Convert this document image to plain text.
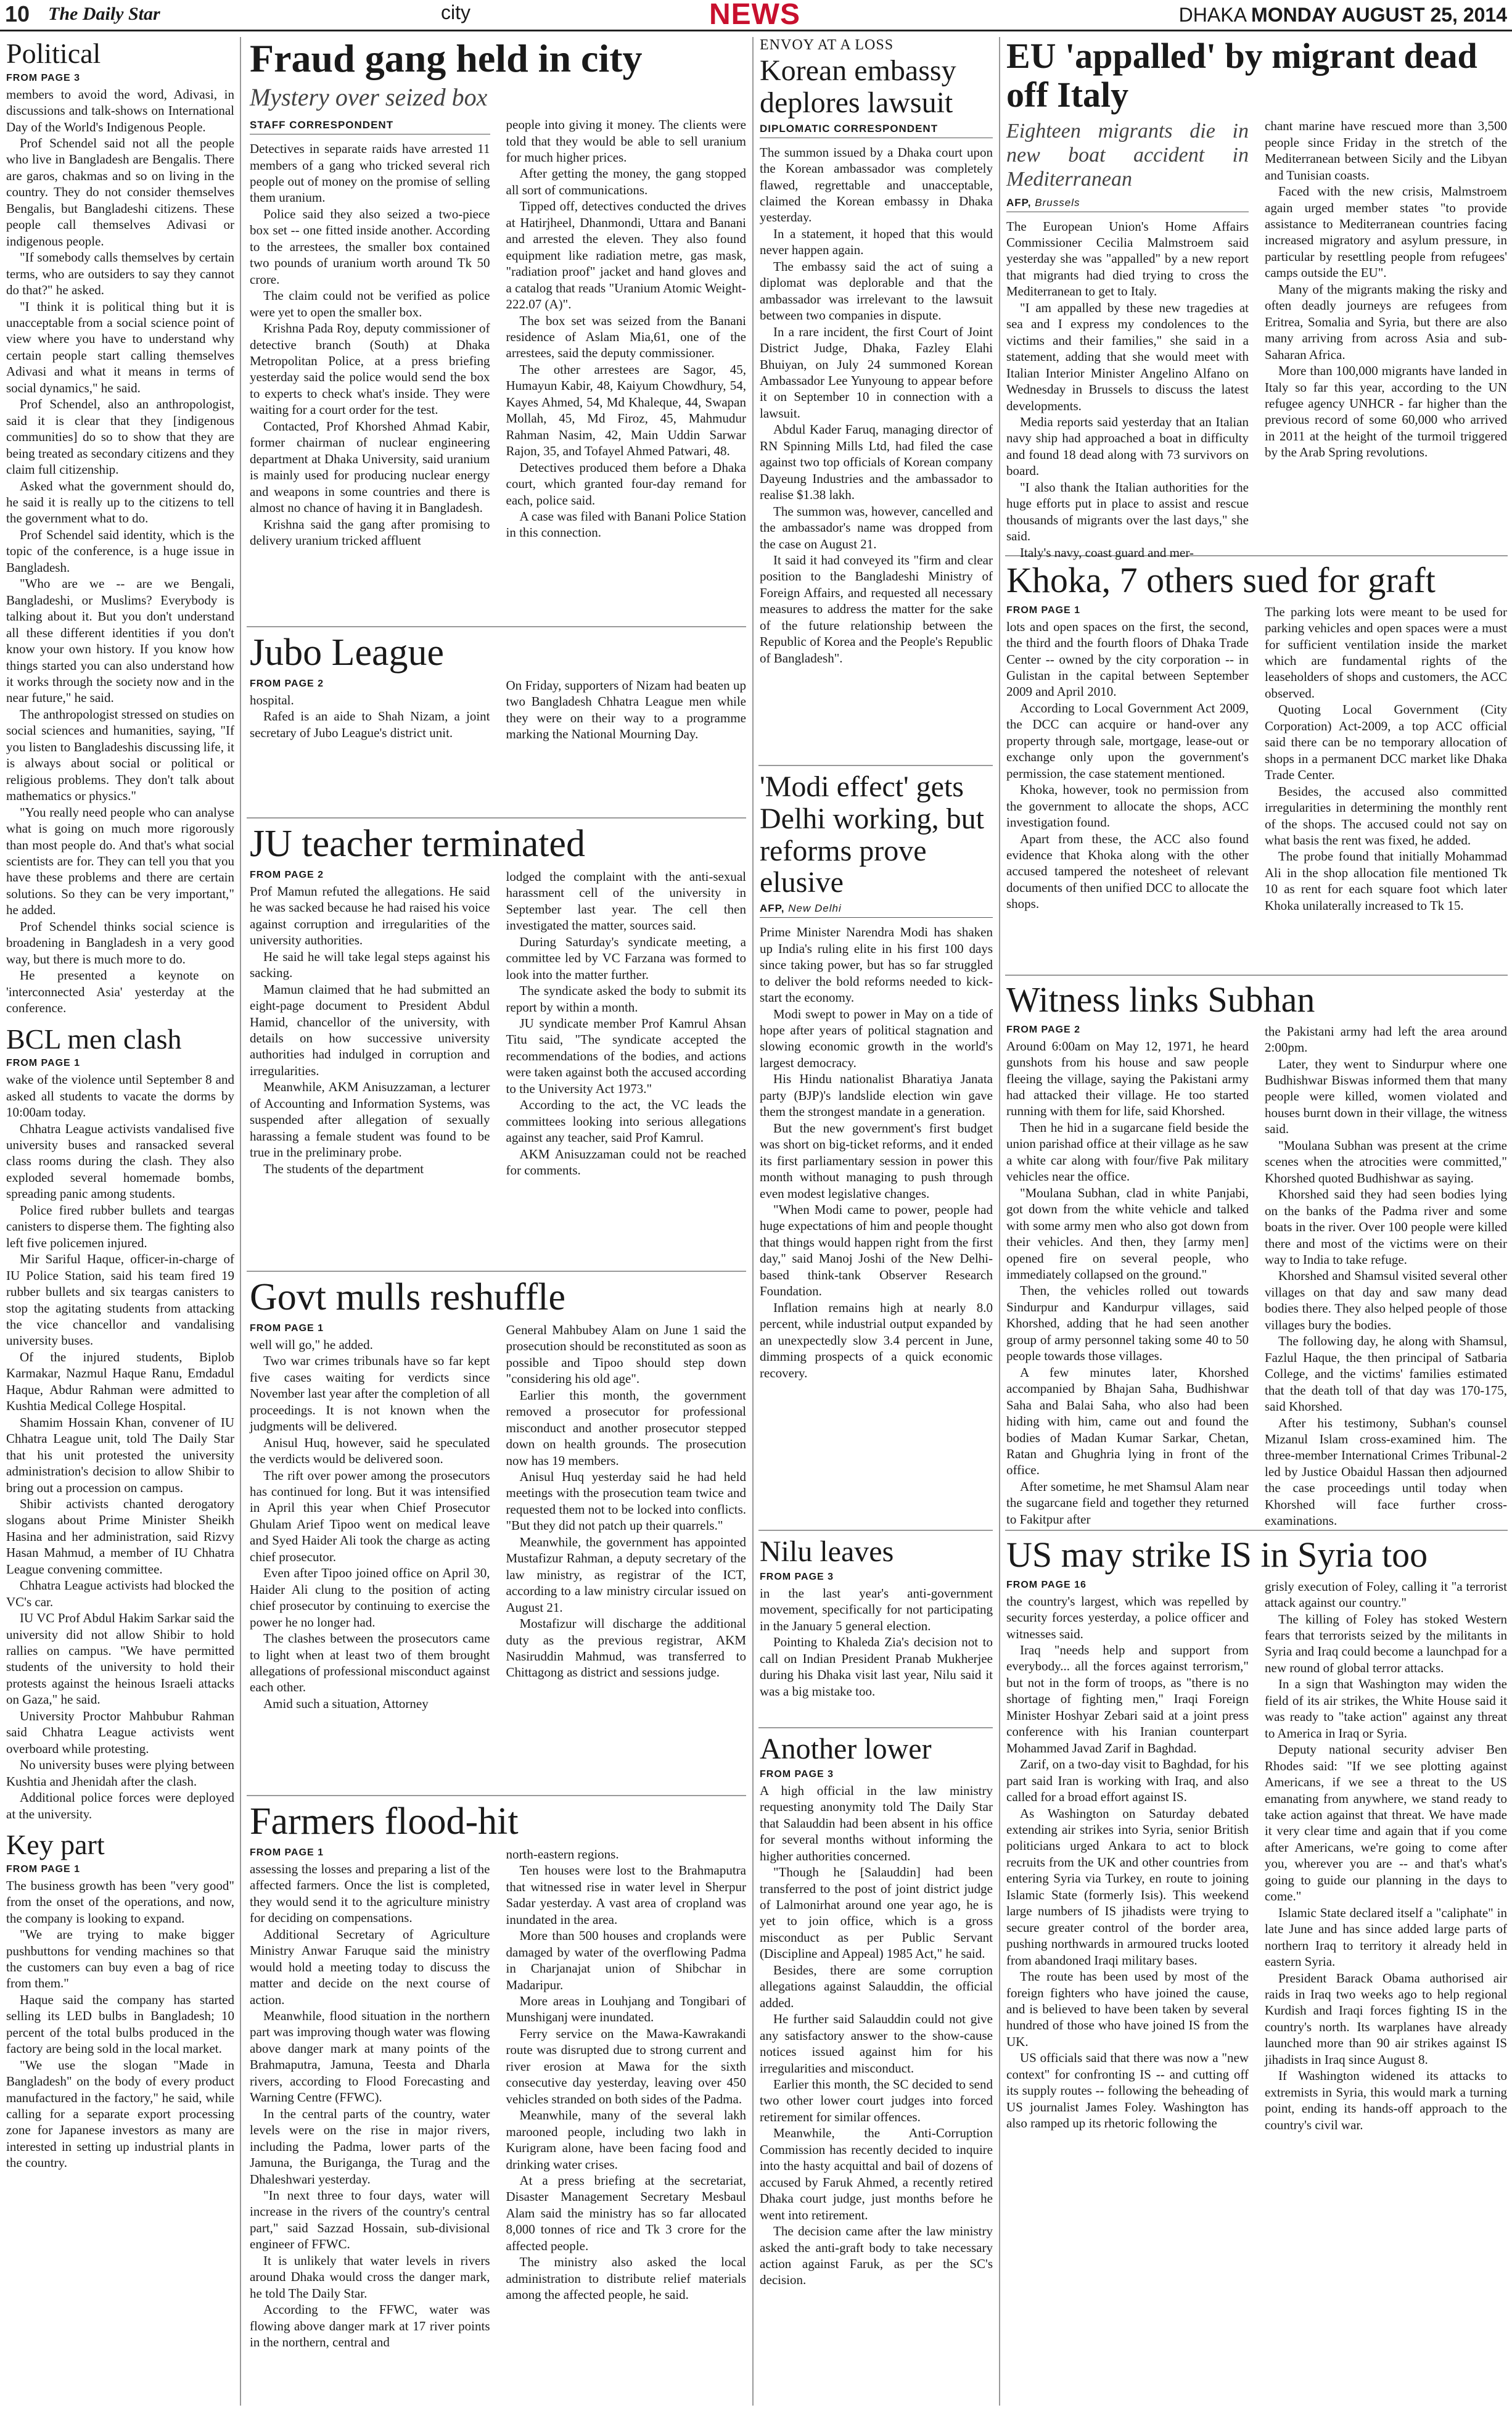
10 The Daily Star	city	NEWS	DHAKA MONDAY AUGUST 25, 2014
Political
FROM PAGE 3

members to avoid the word, Adivasi, in discussions and talk-shows on International Day of the World's Indigenous People.

Prof Schendel said not all the people who live in Bangladesh are Bengalis. There are garos, chakmas and so on living in the country. They do not consider themselves Bengalis, but Bangladeshi citizens. These people call themselves Adivasi or indigenous people.

"If somebody calls themselves by certain terms, who are outsiders to say they cannot do that?" he asked.

"I think it is political thing but it is unacceptable from a social science point of view where you have to understand why certain people start calling themselves Adivasi and what it means in terms of social dynamics," he said.

Prof Schendel, also an anthropologist, said it is clear that they [indigenous communities] do so to show that they are being treated as secondary citizens and they claim full citizenship.

Asked what the government should do, he said it is really up to the citizens to tell the government what to do.

Prof Schendel said identity, which is the topic of the conference, is a huge issue in Bangladesh.

"Who are we -- are we Bengali, Bangladeshi, or Muslims? Everybody is talking about it. But you don't understand all these different identities if you don't know your own history. If you know how things started you can also understand how it works through the society now and in the near future," he said.

The anthropologist stressed on studies on social sciences and humanities, saying, "If you listen to Bangladeshis discussing life, it is always about social or political or religious problems. They don't talk about mathematics or physics."

"You really need people who can analyse what is going on much more rigorously than most people do. And that's what social scientists are for. They can tell you that you have these problems and there are certain solutions. So they can be very important," he added.

Prof Schendel thinks social science is broadening in Bangladesh in a very good way, but there is much more to do.

He presented a keynote on 'interconnected Asia' yesterday at the conference.

BCL men clash
FROM PAGE 1

wake of the violence until September 8 and asked all students to vacate the dorms by 10:00am today.

Chhatra League activists vandalised five university buses and ransacked several class rooms during the clash. They also exploded several homemade bombs, spreading panic among students.

Police fired rubber bullets and teargas canisters to disperse them. The fighting also left five policemen injured.

Mir Sariful Haque, officer-in-charge of IU Police Station, said his team fired 19 rubber bullets and six teargas canisters to stop the agitating students from attacking the vice chancellor and vandalising university buses.

Of the injured students, Biplob Karmakar, Nazmul Haque Ranu, Emdadul Haque, Abdur Rahman were admitted to Kushtia Medical College Hospital.

Shamim Hossain Khan, convener of IU Chhatra League unit, told The Daily Star that his unit protested the university administration's decision to allow Shibir to bring out a procession on campus.

Shibir activists chanted derogatory slogans about Prime Minister Sheikh Hasina and her administration, said Rizvy Hasan Mahmud, a member of IU Chhatra League convening committee.

Chhatra League activists had blocked the VC's car.

IU VC Prof Abdul Hakim Sarkar said the university did not allow Shibir to hold rallies on campus. "We have permitted students of the university to hold their protests against the heinous Israeli attacks on Gaza," he said.

University Proctor Mahbubur Rahman said Chhatra League activists went overboard while protesting.

No university buses were plying between Kushtia and Jhenidah after the clash.

Additional police forces were deployed at the university.

Key part
FROM PAGE 1

The business growth has been "very good" from the onset of the operations, and now, the company is looking to expand.

"We are trying to make bigger pushbuttons for vending machines so that the customers can buy even a bag of rice from them."

Haque said the company has started selling its LED bulbs in Bangladesh; 10 percent of the total bulbs produced in the factory are being sold in the local market.

"We use the slogan "Made in Bangladesh" on the body of every product manufactured in the factory," he said, while calling for a separate export processing zone for Japanese investors as many are interested in setting up industrial plants in the country.

Fraud gang held in city
Mystery over seized box
STAFF CORRESPONDENT

Detectives in separate raids have arrested 11 members of a gang who tricked several rich people out of money on the promise of selling them uranium.

Police said they also seized a two-piece box set -- one fitted inside another. According to the arrestees, the smaller box contained two pounds of uranium worth around Tk 50 crore.

The claim could not be verified as police were yet to open the smaller box.

Krishna Pada Roy, deputy commissioner of detective branch (South) at Dhaka Metropolitan Police, at a press briefing yesterday said the police would send the box to experts to check what's inside. They were waiting for a court order for the test.

Contacted, Prof Khorshed Ahmad Kabir, former chairman of nuclear engineering department at Dhaka University, said uranium is mainly used for producing nuclear energy and weapons in some countries and there is almost no chance of having it in Bangladesh.

Krishna said the gang after promising to delivery uranium tricked affluent

people into giving it money. The clients were told that they would be able to sell uranium for much higher prices.

After getting the money, the gang stopped all sort of communications.

Tipped off, detectives conducted the drives at Hatirjheel, Dhanmondi, Uttara and Banani and arrested the eleven. They also found equipment like radiation metre, gas mask, "radiation proof" jacket and hand gloves and a catalog that reads "Uranium Atomic Weight-222.07 (A)".

The box set was seized from the Banani residence of Aslam Mia,61, one of the arrestees, said the deputy commissioner.

The other arrestees are Sagor, 45, Humayun Kabir, 48, Kaiyum Chowdhury, 54, Kayes Ahmed, 54, Md Khaleque, 44, Swapan Mollah, 45, Md Firoz, 45, Mahmudur Rahman Nasim, 42, Main Uddin Sarwar Rajon, 35, and Tofayel Ahmed Patwari, 48.

Detectives produced them before a Dhaka court, which granted four-day remand for each, police said.

A case was filed with Banani Police Station in this connection.

Jubo League
FROM PAGE 2

hospital.

Rafed is an aide to Shah Nizam, a joint secretary of Jubo League's district unit.

On Friday, supporters of Nizam had beaten up two Bangladesh Chhatra League men while they were on their way to a programme marking the National Mourning Day.

JU teacher terminated
FROM PAGE 2

Prof Mamun refuted the allegations. He said he was sacked because he had raised his voice against corruption and irregularities of the university authorities.

He said he will take legal steps against his sacking.

Mamun claimed that he had submitted an eight-page document to President Abdul Hamid, chancellor of the university, with details on how successive university authorities had indulged in corruption and irregularities.

Meanwhile, AKM Anisuzzaman, a lecturer of Accounting and Information Systems, was suspended after allegation of sexually harassing a female student was found to be true in the preliminary probe.

The students of the department

lodged the complaint with the anti-sexual harassment cell of the university in September last year. The cell then investigated the matter, sources said.

During Saturday's syndicate meeting, a committee led by VC Farzana was formed to look into the matter further.

The syndicate asked the body to submit its report by within a month.

JU syndicate member Prof Kamrul Ahsan Titu said, "The syndicate accepted the recommendations of the bodies, and actions were taken against both the accused according to the University Act 1973."

According to the act, the VC leads the committees looking into serious allegations against any teacher, said Prof Kamrul.

AKM Anisuzzaman could not be reached for comments.

Govt mulls reshuffle
FROM PAGE 1

well will go," he added.

Two war crimes tribunals have so far kept five cases waiting for verdicts since November last year after the completion of all proceedings. It is not known when the judgments will be delivered.

Anisul Huq, however, said he speculated the verdicts would be delivered soon.

The rift over power among the prosecutors has continued for long. But it was intensified in April this year when Chief Prosecutor Ghulam Arief Tipoo went on medical leave and Syed Haider Ali took the charge as acting chief prosecutor.

Even after Tipoo joined office on April 30, Haider Ali clung to the position of acting chief prosecutor by continuing to exercise the power he no longer had.

The clashes between the prosecutors came to light when at least two of them brought allegations of professional misconduct against each other.

Amid such a situation, Attorney

General Mahbubey Alam on June 1 said the prosecution should be reconstituted as soon as possible and Tipoo should step down "considering his old age".

Earlier this month, the government removed a prosecutor for professional misconduct and another prosecutor stepped down on health grounds. The prosecution now has 19 members.

Anisul Huq yesterday said he had held meetings with the prosecution team twice and requested them not to be locked into conflicts. "But they did not patch up their quarrels."

Meanwhile, the government has appointed Mustafizur Rahman, a deputy secretary of the law ministry, as registrar of the ICT, according to a law ministry circular issued on August 21.

Mostafizur will discharge the additional duty as the previous registrar, AKM Nasiruddin Mahmud, was transferred to Chittagong as district and sessions judge.

Farmers flood-hit
FROM PAGE 1

assessing the losses and preparing a list of the affected farmers. Once the list is completed, they would send it to the agriculture ministry for deciding on compensations.

Additional Secretary of Agriculture Ministry Anwar Faruque said the ministry would hold a meeting today to discuss the matter and decide on the next course of action.

Meanwhile, flood situation in the northern part was improving though water was flowing above danger mark at many points of the Brahmaputra, Jamuna, Teesta and Dharla rivers, according to Flood Forecasting and Warning Centre (FFWC).

In the central parts of the country, water levels were on the rise in major rivers, including the Padma, lower parts of the Jamuna, the Buriganga, the Turag and the Dhaleshwari yesterday.

"In next three to four days, water will increase in the rivers of the country's central part," said Sazzad Hossain, sub-divisional engineer of FFWC.

It is unlikely that water levels in rivers around Dhaka would cross the danger mark, he told The Daily Star.

According to the FFWC, water was flowing above danger mark at 17 river points in the northern, central and

north-eastern regions.

Ten houses were lost to the Brahmaputra that witnessed rise in water level in Sherpur Sadar yesterday. A vast area of cropland was inundated in the area.

More than 500 houses and croplands were damaged by water of the overflowing Padma in Charjanajat union of Shibchar in Madaripur.

More areas in Louhjang and Tongibari of Munshiganj were inundated.

Ferry service on the Mawa-Kawrakandi route was disrupted due to strong current and river erosion at Mawa for the sixth consecutive day yesterday, leaving over 450 vehicles stranded on both sides of the Padma.

Meanwhile, many of the several lakh marooned people, including two lakh in Kurigram alone, have been facing food and drinking water crises.

At a press briefing at the secretariat, Disaster Management Secretary Mesbaul Alam said the ministry has so far allocated 8,000 tonnes of rice and Tk 3 crore for the affected people.

The ministry also asked the local administration to distribute relief materials among the affected people, he said.

ENVOY AT A LOSS
Korean embassy deplores lawsuit
DIPLOMATIC CORRESPONDENT

The summon issued by a Dhaka court upon the Korean ambassador was completely flawed, regrettable and unacceptable, claimed the Korean embassy in Dhaka yesterday.

In a statement, it hoped that this would never happen again.

The embassy said the act of suing a diplomat was deplorable and that the ambassador was irrelevant to the lawsuit between two companies in dispute.

In a rare incident, the first Court of Joint District Judge, Dhaka, Fazley Elahi Bhuiyan, on July 24 summoned Korean Ambassador Lee Yunyoung to appear before it on September 10 in connection with a lawsuit.

Abdul Kader Faruq, managing director of RN Spinning Mills Ltd, had filed the case against two top officials of Korean company Dayeung Industries and the ambassador to realise $1.38 lakh.

The summon was, however, cancelled and the ambassador's name was dropped from the case on August 21.

It said it had conveyed its "firm and clear position to the Bangladeshi Ministry of Foreign Affairs, and requested all necessary measures to address the matter for the sake of the future relationship between the Republic of Korea and the People's Republic of Bangladesh".

'Modi effect' gets Delhi working, but reforms prove elusive
AFP, New Delhi

Prime Minister Narendra Modi has shaken up India's ruling elite in his first 100 days since taking power, but has so far struggled to deliver the bold reforms needed to kick-start the economy.

Modi swept to power in May on a tide of hope after years of political stagnation and slowing economic growth in the world's largest democracy.

His Hindu nationalist Bharatiya Janata party (BJP)'s landslide election win gave them the strongest mandate in a generation.

But the new government's first budget was short on big-ticket reforms, and it ended its first parliamentary session in power this month without managing to push through even modest legislative changes.

"When Modi came to power, people had huge expectations of him and people thought that things would happen right from the first day," said Manoj Joshi of the New Delhi-based think-tank Observer Research Foundation.

Inflation remains high at nearly 8.0 percent, while industrial output expanded by an unexpectedly slow 3.4 percent in June, dimming prospects of a quick economic recovery.

Nilu leaves
FROM PAGE 3

in the last year's anti-government movement, specifically for not participating in the January 5 general election.

Pointing to Khaleda Zia's decision not to call on Indian President Pranab Mukherjee during his Dhaka visit last year, Nilu said it was a big mistake too.

Another lower
FROM PAGE 3

A high official in the law ministry requesting anonymity told The Daily Star that Salauddin had been absent in his office for several months without informing the higher authorities concerned.

"Though he [Salauddin] had been transferred to the post of joint district judge of Lalmonirhat around one year ago, he is yet to join office, which is a gross misconduct as per Public Servant (Discipline and Appeal) 1985 Act," he said.

Besides, there are some corruption allegations against Salauddin, the official added.

He further said Salauddin could not give any satisfactory answer to the show-cause notices issued against him for his irregularities and misconduct.

Earlier this month, the SC decided to send two other lower court judges into forced retirement for similar offences.

Meanwhile, the Anti-Corruption Commission has recently decided to inquire into the hasty acquittal and bail of dozens of accused by Faruk Ahmed, a recently retired Dhaka court judge, just months before he went into retirement.

The decision came after the law ministry asked the anti-graft body to take necessary action against Faruk, as per the SC's decision.

EU 'appalled' by migrant dead off Italy
Eighteen migrants die in new boat accident in Mediterranean
AFP, Brussels

The European Union's Home Affairs Commissioner Cecilia Malmstroem said yesterday she was "appalled" by a new report that migrants had died trying to cross the Mediterranean to get to Italy.

"I am appalled by these new tragedies at sea and I express my condolences to the victims and their families," she said in a statement, adding that she would meet with Italian Interior Minister Angelino Alfano on Wednesday in Brussels to discuss the latest developments.

Media reports said yesterday that an Italian navy ship had approached a boat in difficulty and found 18 dead along with 73 survivors on board.

"I also thank the Italian authorities for the huge efforts put in place to assist and rescue thousands of migrants over the last days," she said.

Italy's navy, coast guard and mer-

chant marine have rescued more than 3,500 people since Friday in the stretch of the Mediterranean between Sicily and the Libyan and Tunisian coasts.

Faced with the new crisis, Malmstroem again urged member states "to provide assistance to Mediterranean countries facing increased migratory and asylum pressure, in particular by resettling people from refugees' camps outside the EU".

Many of the migrants making the risky and often deadly journeys are refugees from Eritrea, Somalia and Syria, but there are also many arriving from across Asia and sub-Saharan Africa.

More than 100,000 migrants have landed in Italy so far this year, according to the UN refugee agency UNHCR - far higher than the previous record of some 60,000 who arrived in 2011 at the height of the turmoil triggered by the Arab Spring revolutions.

Khoka, 7 others sued for graft
FROM PAGE 1

lots and open spaces on the first, the second, the third and the fourth floors of Dhaka Trade Center -- owned by the city corporation -- in Gulistan in the capital between September 2009 and April 2010.

According to Local Government Act 2009, the DCC can acquire or hand-over any property through sale, mortgage, lease-out or exchange only upon the government's permission, the case statement mentioned.

Khoka, however, took no permission from the government to allocate the shops, ACC investigation found.

Apart from these, the ACC also found evidence that Khoka along with the other accused tampered the notesheet of relevant documents of then unified DCC to allocate the shops.

The parking lots were meant to be used for parking vehicles and open spaces were a must for sufficient ventilation inside the market which are fundamental rights of the leaseholders of shops and customers, the ACC observed.

Quoting Local Government (City Corporation) Act-2009, a top ACC official said there can be no temporary allocation of shops in a permanent DCC market like Dhaka Trade Center.

Besides, the accused also committed irregularities in determining the monthly rent of the shops. The accused could not say on what basis the rent was fixed, he added.

The probe found that initially Mohammad Ali in the shop allocation file mentioned Tk 10 as rent for each square foot which later Khoka unilaterally increased to Tk 15.

Witness links Subhan
FROM PAGE 2

Around 6:00am on May 12, 1971, he heard gunshots from his house and saw people fleeing the village, saying the Pakistani army had attacked their village. He too started running with them for life, said Khorshed.

Then he hid in a sugarcane field beside the union parishad office at their village as he saw a white car along with four/five Pak military vehicles near the office.

"Moulana Subhan, clad in white Panjabi, got down from the white vehicle and talked with some army men who also got down from their vehicles. And then, they [army men] opened fire on several people, who immediately collapsed on the ground."

Then, the vehicles rolled out towards Sindurpur and Kandurpur villages, said Khorshed, adding that he had seen another group of army personnel taking some 40 to 50 people towards those villages.

A few minutes later, Khorshed accompanied by Bhajan Saha, Budhishwar Saha and Balai Saha, who also had been hiding with him, came out and found the bodies of Madan Kumar Sarkar, Chetan, Ratan and Ghughria lying in front of the office.

After sometime, he met Shamsul Alam near the sugarcane field and together they returned to Fakitpur after

the Pakistani army had left the area around 2:00pm.

Later, they went to Sindurpur where one Budhishwar Biswas informed them that many people were killed, women violated and houses burnt down in their village, the witness said.

"Moulana Subhan was present at the crime scenes when the atrocities were committed," Khorshed quoted Budhishwar as saying.

Khorshed said they had seen bodies lying on the banks of the Padma river and some boats in the river. Over 100 people were killed there and most of the victims were on their way to India to take refuge.

Khorshed and Shamsul visited several other villages on that day and saw many dead bodies there. They also helped people of those villages bury the bodies.

The following day, he along with Shamsul, Fazlul Haque, the then principal of Satbaria College, and the victims' families estimated that the death toll of that day was 170-175, said Khorshed.

After his testimony, Subhan's counsel Mizanul Islam cross-examined him. The three-member International Crimes Tribunal-2 led by Justice Obaidul Hassan then adjourned the case proceedings until today when Khorshed will face further cross-examinations.

US may strike IS in Syria too
FROM PAGE 16

the country's largest, which was repelled by security forces yesterday, a police officer and witnesses said.

Iraq "needs help and support from everybody... all the forces against terrorism," but not in the form of troops, as "there is no shortage of fighting men," Iraqi Foreign Minister Hoshyar Zebari said at a joint press conference with his Iranian counterpart Mohammed Javad Zarif in Baghdad.

Zarif, on a two-day visit to Baghdad, for his part said Iran is working with Iraq, and also called for a broad effort against IS.

As Washington on Saturday debated extending air strikes into Syria, senior British politicians urged Ankara to act to block recruits from the UK and other countries from entering Syria via Turkey, en route to joining Islamic State (formerly Isis). This weekend large numbers of IS jihadists were trying to secure greater control of the border area, pushing northwards in armoured trucks looted from abandoned Iraqi military bases.

The route has been used by most of the foreign fighters who have joined the cause, and is believed to have been taken by several hundred of those who have joined IS from the UK.

US officials said that there was now a "new context" for confronting IS -- and cutting off its supply routes -- following the beheading of US journalist James Foley. Washington has also ramped up its rhetoric following the

grisly execution of Foley, calling it "a terrorist attack against our country."

The killing of Foley has stoked Western fears that terrorists seized by the militants in Syria and Iraq could become a launchpad for a new round of global terror attacks.

In a sign that Washington may widen the field of its air strikes, the White House said it was ready to "take action" against any threat to America in Iraq or Syria.

Deputy national security adviser Ben Rhodes said: "If we see plotting against Americans, if we see a threat to the US emanating from anywhere, we stand ready to take action against that threat. We have made it very clear time and again that if you come after Americans, we're going to come after you, wherever you are -- and that's what's going to guide our planning in the days to come."

Islamic State declared itself a "caliphate" in late June and has since added large parts of northern Iraq to territory it already held in eastern Syria.

President Barack Obama authorised air raids in Iraq two weeks ago to help regional Kurdish and Iraqi forces fighting IS in the country's north. Its warplanes have already launched more than 90 air strikes against IS jihadists in Iraq since August 8.

If Washington widened its attacks to extremists in Syria, this would mark a turning point, ending its hands-off approach to the country's civil war.
